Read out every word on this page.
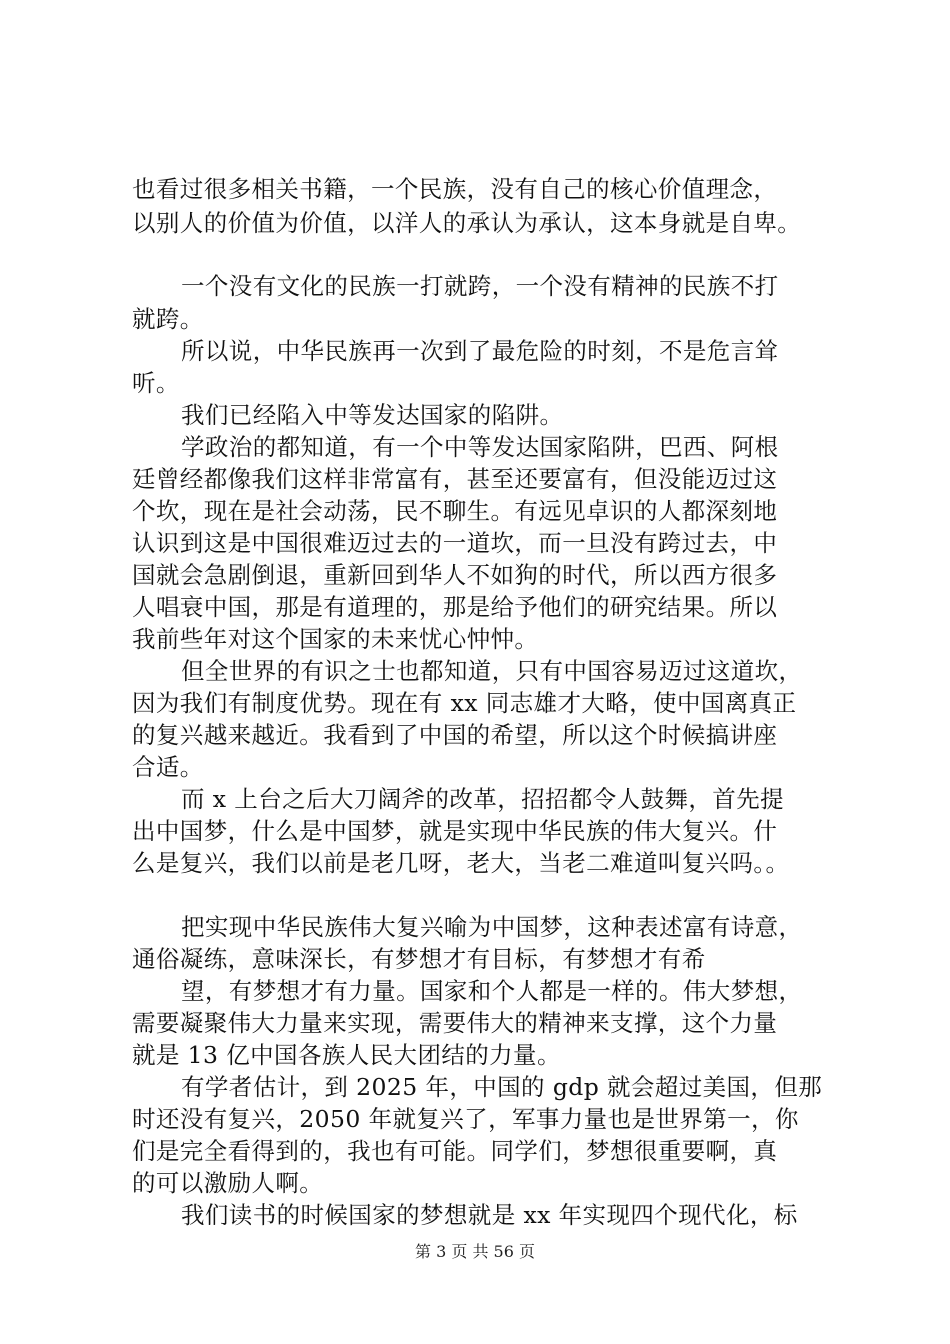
也看过很多相关书籍，一个民族，没有自己的核心价值理念，
以别人的价值为价值，以洋人的承认为承认，这本身就是自卑。
一个没有文化的民族一打就跨，一个没有精神的民族不打
就跨。
所以说，中华民族再一次到了最危险的时刻，不是危言耸
听。
我们已经陷入中等发达国家的陷阱。
学政治的都知道，有一个中等发达国家陷阱，巴西、阿根
廷曾经都像我们这样非常富有，甚至还要富有，但没能迈过这
个坎，现在是社会动荡，民不聊生。有远见卓识的人都深刻地
认识到这是中国很难迈过去的一道坎，而一旦没有跨过去，中
国就会急剧倒退，重新回到华人不如狗的时代，所以西方很多
人唱衰中国，那是有道理的，那是给予他们的研究结果。所以
我前些年对这个国家的未来忧心忡忡。
但全世界的有识之士也都知道，只有中国容易迈过这道坎，
因为我们有制度优势。现在有 xx 同志雄才大略，使中国离真正
的复兴越来越近。我看到了中国的希望，所以这个时候搞讲座
合适。
而 x 上台之后大刀阔斧的改革，招招都令人鼓舞，首先提
出中国梦，什么是中国梦，就是实现中华民族的伟大复兴。什
么是复兴，我们以前是老几呀，老大，当老二难道叫复兴吗。。
把实现中华民族伟大复兴喻为中国梦，这种表述富有诗意，
通俗凝练，意味深长，有梦想才有目标，有梦想才有希
望，有梦想才有力量。国家和个人都是一样的。伟大梦想，
需要凝聚伟大力量来实现，需要伟大的精神来支撑，这个力量
就是 13 亿中国各族人民大团结的力量。
有学者估计，到 2025 年，中国的 gdp 就会超过美国，但那
时还没有复兴，2050 年就复兴了，军事力量也是世界第一，你
们是完全看得到的，我也有可能。同学们，梦想很重要啊，真
的可以激励人啊。
我们读书的时候国家的梦想就是 xx 年实现四个现代化，标
第 3 页 共 56 页
